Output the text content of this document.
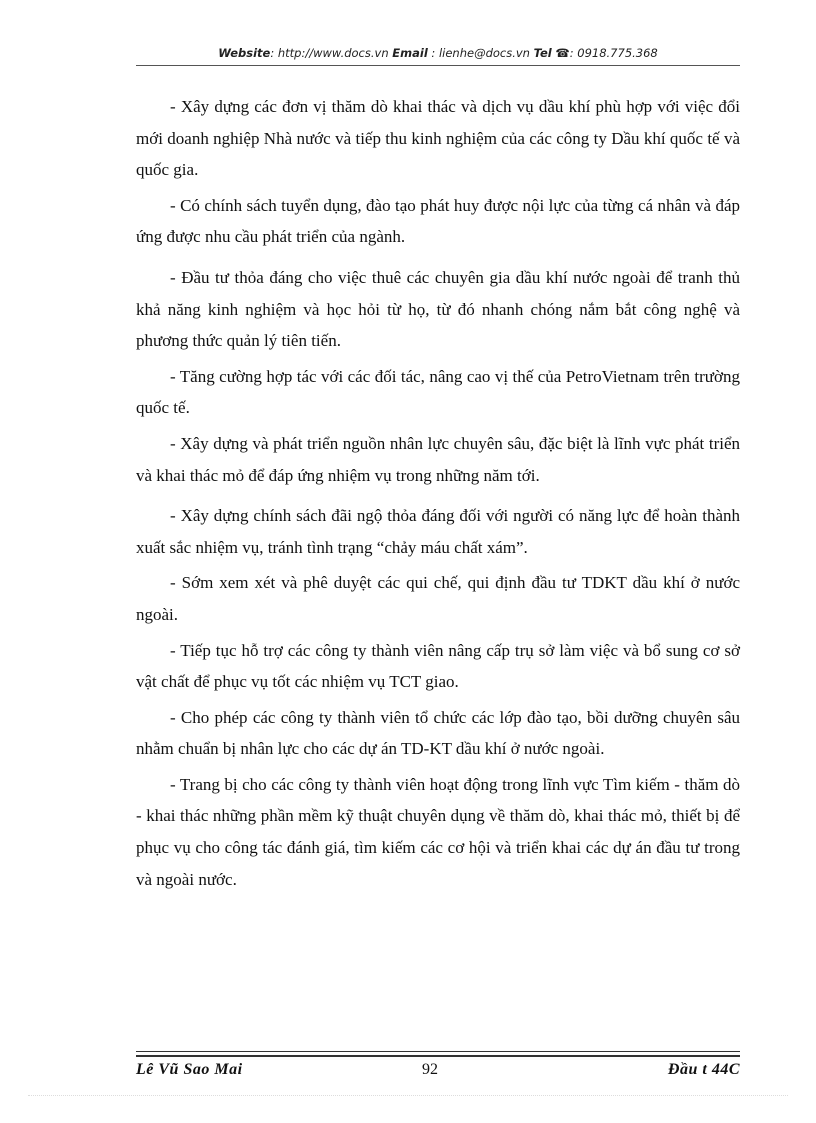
Website: http://www.docs.vn Email : lienhe@docs.vn Tel ☎: 0918.775.368

- Xây dựng các đơn vị thăm dò khai thác và dịch vụ dầu khí phù hợp với việc đổi mới doanh nghiệp Nhà nước và tiếp thu kinh nghiệm của các công ty Dầu khí quốc tế và quốc gia.

- Có chính sách tuyển dụng, đào tạo phát huy được nội lực của từng cá nhân và đáp ứng được nhu cầu phát triển của ngành.

- Đầu tư thỏa đáng cho việc thuê các chuyên gia dầu khí nước ngoài để tranh thủ khả năng kinh nghiệm và học hỏi từ họ, từ đó nhanh chóng nắm bắt công nghệ và phương thức quản lý tiên tiến.

- Tăng cường hợp tác với các đối tác, nâng cao vị thế của PetroVietnam trên trường quốc tế.

- Xây dựng và phát triển nguồn nhân lực chuyên sâu, đặc biệt là lĩnh vực phát triển và khai thác mỏ để đáp ứng nhiệm vụ trong những năm tới.

- Xây dựng chính sách đãi ngộ thỏa đáng đối với người có năng lực để hoàn thành xuất sắc nhiệm vụ, tránh tình trạng “chảy máu chất xám”.

- Sớm xem xét và phê duyệt các qui chế, qui định đầu tư TDKT dầu khí ở nước ngoài.

- Tiếp tục hỗ trợ các công ty thành viên nâng cấp trụ sở làm việc và bổ sung cơ sở vật chất để phục vụ tốt các nhiệm vụ TCT giao.

- Cho phép các công ty thành viên tổ chức các lớp đào tạo, bồi dưỡng chuyên sâu nhằm chuẩn bị nhân lực cho các dự án TD-KT dầu khí ở nước ngoài.

- Trang bị cho các công ty thành viên hoạt động trong lĩnh vực Tìm kiếm - thăm dò - khai thác những phần mềm kỹ thuật chuyên dụng về thăm dò, khai thác mỏ, thiết bị để phục vụ cho công tác đánh giá, tìm kiếm các cơ hội và triển khai các dự án đầu tư trong và ngoài nước.

Lê Vũ Sao Mai	92	Đầu t 44C
